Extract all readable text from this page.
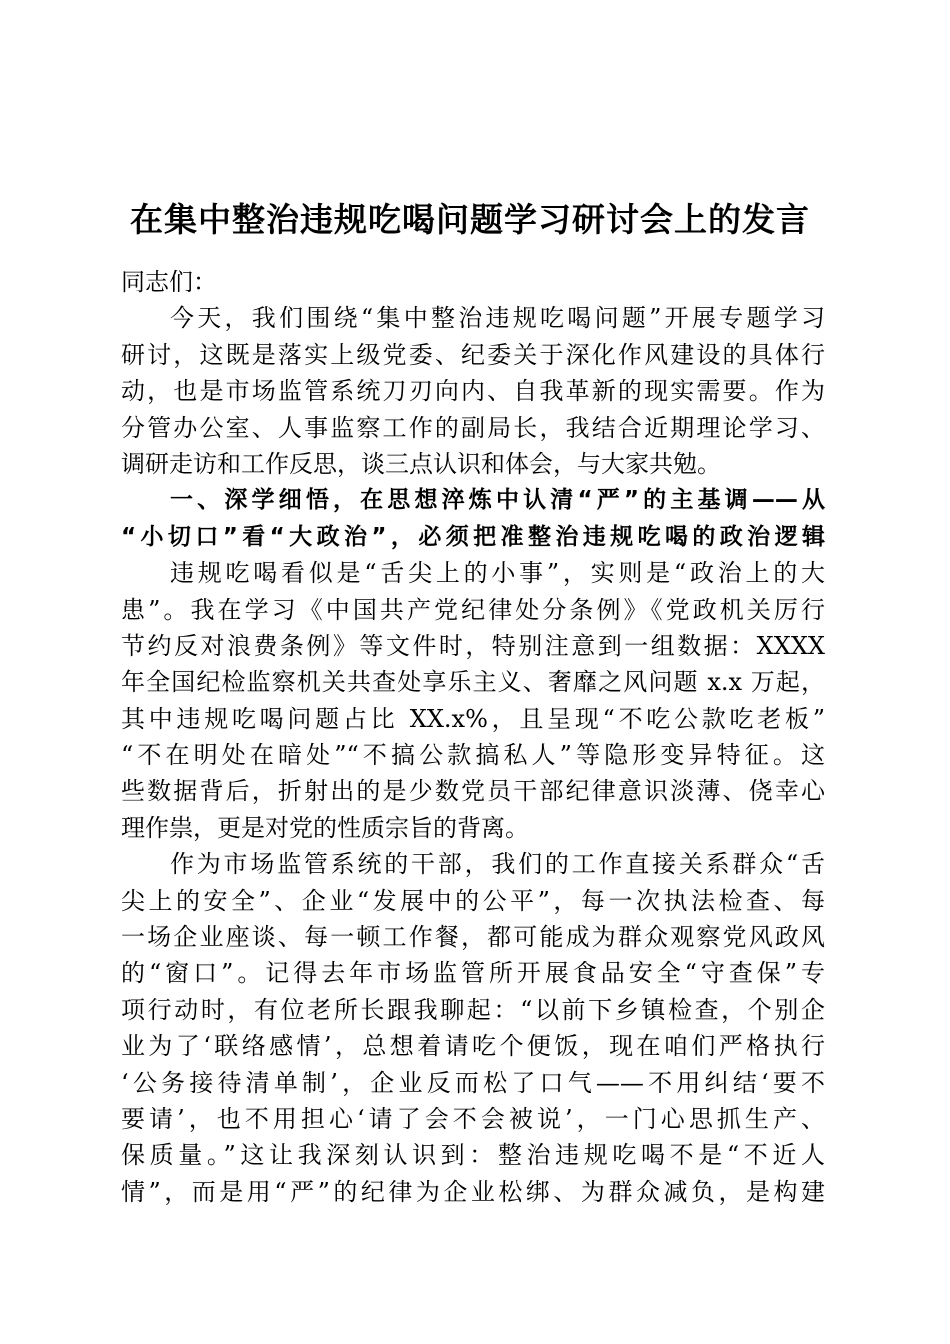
在集中整治违规吃喝问题学习研讨会上的发言
同志们：
今天，我们围绕“集中整治违规吃喝问题”开展专题学习
研讨，这既是落实上级党委、纪委关于深化作风建设的具体行
动，也是市场监管系统刀刃向内、自我革新的现实需要。作为
分管办公室、人事监察工作的副局长，我结合近期理论学习、
调研走访和工作反思，谈三点认识和体会，与大家共勉。
一、深学细悟，在思想淬炼中认清“严”的主基调——从
“小切口”看“大政治”，必须把准整治违规吃喝的政治逻辑
违规吃喝看似是“舌尖上的小事”，实则是“政治上的大
患”。我在学习《中国共产党纪律处分条例》《党政机关厉行
节约反对浪费条例》等文件时，特别注意到一组数据：XXXX
年全国纪检监察机关共查处享乐主义、奢靡之风问题 x.x 万起，
其中违规吃喝问题占比 XX.x%，且呈现“不吃公款吃老板”
“不在明处在暗处”“不搞公款搞私人”等隐形变异特征。这
些数据背后，折射出的是少数党员干部纪律意识淡薄、侥幸心
理作祟，更是对党的性质宗旨的背离。
作为市场监管系统的干部，我们的工作直接关系群众“舌
尖上的安全”、企业“发展中的公平”，每一次执法检查、每
一场企业座谈、每一顿工作餐，都可能成为群众观察党风政风
的“窗口”。记得去年市场监管所开展食品安全“守查保”专
项行动时，有位老所长跟我聊起：“以前下乡镇检查，个别企
业为了‘联络感情’，总想着请吃个便饭，现在咱们严格执行
‘公务接待清单制’，企业反而松了口气——不用纠结‘要不
要请’，也不用担心‘请了会不会被说’，一门心思抓生产、
保质量。”这让我深刻认识到：整治违规吃喝不是“不近人
情”，而是用“严”的纪律为企业松绑、为群众减负，是构建
